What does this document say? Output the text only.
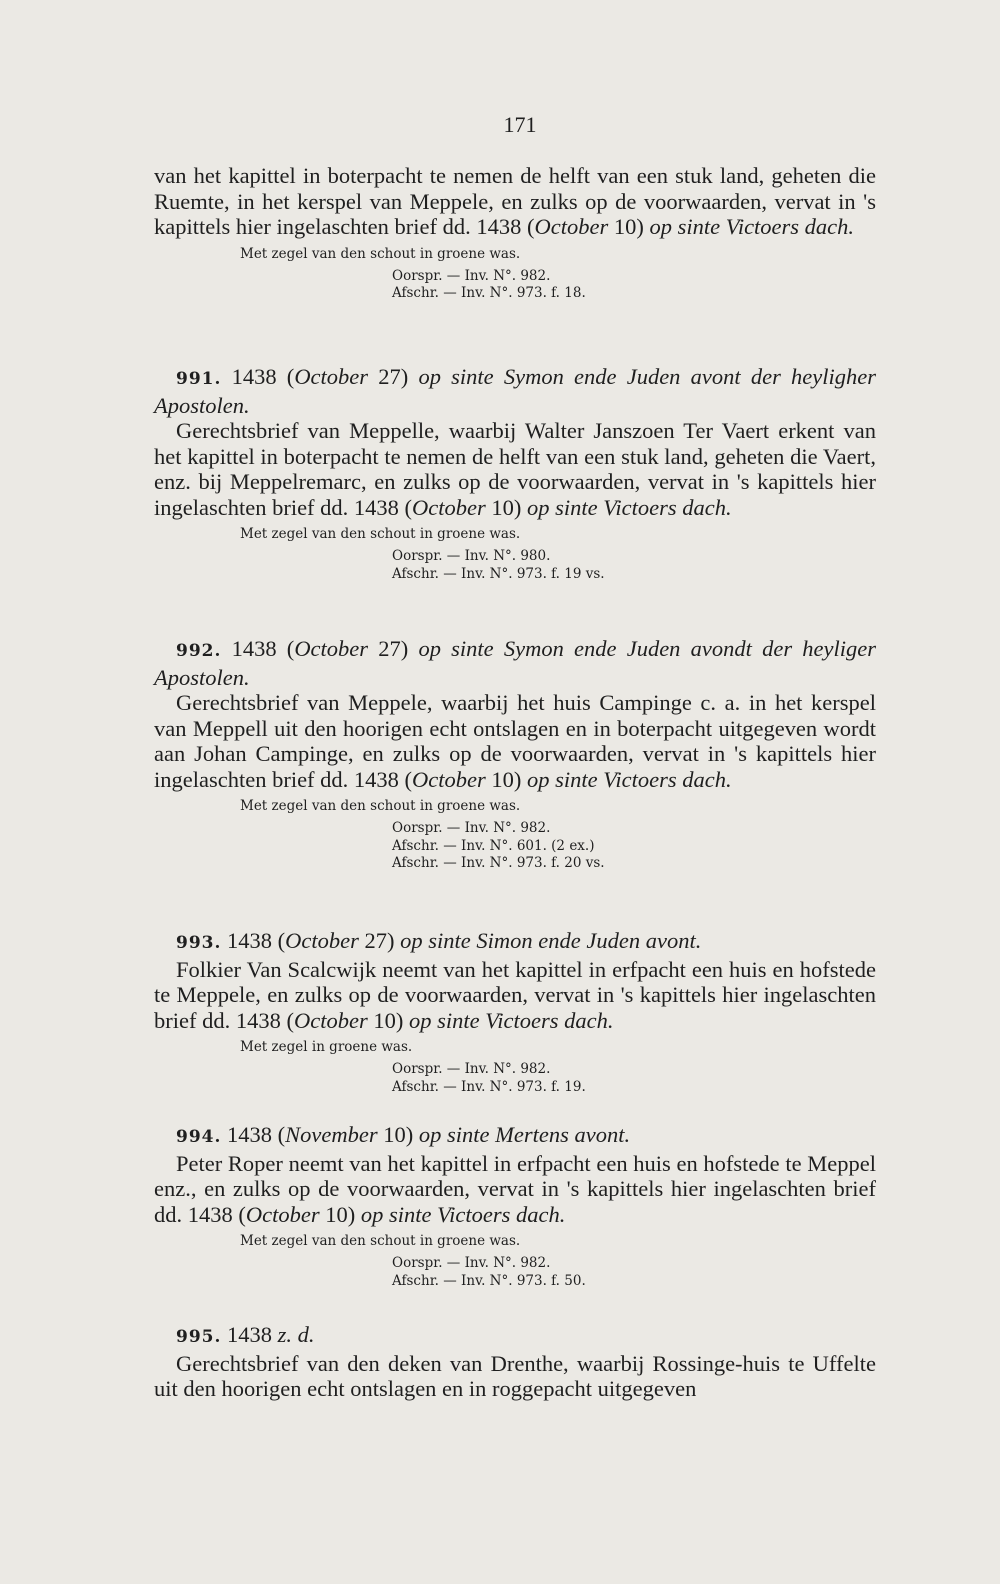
171

van het kapittel in boterpacht te nemen de helft van een stuk land, geheten die Ruemte, in het kerspel van Meppele, en zulks op de voorwaarden, vervat in 's kapittels hier ingelaschten brief dd. 1438 (October 10) op sinte Victoers dach.

Met zegel van den schout in groene was.
Oorspr. — Inv. N°. 982.
Afschr. — Inv. N°. 973. f. 18.

991. 1438 (October 27) op sinte Symon ende Juden avont der heyligher Apostolen.

Gerechtsbrief van Meppelle, waarbij Walter Janszoen Ter Vaert erkent van het kapittel in boterpacht te nemen de helft van een stuk land, geheten die Vaert, enz. bij Meppelremarc, en zulks op de voorwaarden, vervat in 's kapittels hier ingelaschten brief dd. 1438 (October 10) op sinte Victoers dach.

Met zegel van den schout in groene was.
Oorspr. — Inv. N°. 980.
Afschr. — Inv. N°. 973. f. 19 vs.

992. 1438 (October 27) op sinte Symon ende Juden avondt der heyliger Apostolen.

Gerechtsbrief van Meppele, waarbij het huis Campinge c. a. in het kerspel van Meppell uit den hoorigen echt ontslagen en in boterpacht uitgegeven wordt aan Johan Campinge, en zulks op de voorwaarden, vervat in 's kapittels hier ingelaschten brief dd. 1438 (October 10) op sinte Victoers dach.

Met zegel van den schout in groene was.
Oorspr. — Inv. N°. 982.
Afschr. — Inv. N°. 601. (2 ex.)
Afschr. — Inv. N°. 973. f. 20 vs.

993. 1438 (October 27) op sinte Simon ende Juden avont.

Folkier Van Scalcwijk neemt van het kapittel in erfpacht een huis en hofstede te Meppele, en zulks op de voorwaarden, vervat in 's kapittels hier ingelaschten brief dd. 1438 (October 10) op sinte Victoers dach.

Met zegel in groene was.
Oorspr. — Inv. N°. 982.
Afschr. — Inv. N°. 973. f. 19.

994. 1438 (November 10) op sinte Mertens avont.

Peter Roper neemt van het kapittel in erfpacht een huis en hofstede te Meppel enz., en zulks op de voorwaarden, vervat in 's kapittels hier ingelaschten brief dd. 1438 (October 10) op sinte Victoers dach.

Met zegel van den schout in groene was.
Oorspr. — Inv. N°. 982.
Afschr. — Inv. N°. 973. f. 50.

995. 1438 z. d.

Gerechtsbrief van den deken van Drenthe, waarbij Rossinge-huis te Uffelte uit den hoorigen echt ontslagen en in roggepacht uitgegeven
